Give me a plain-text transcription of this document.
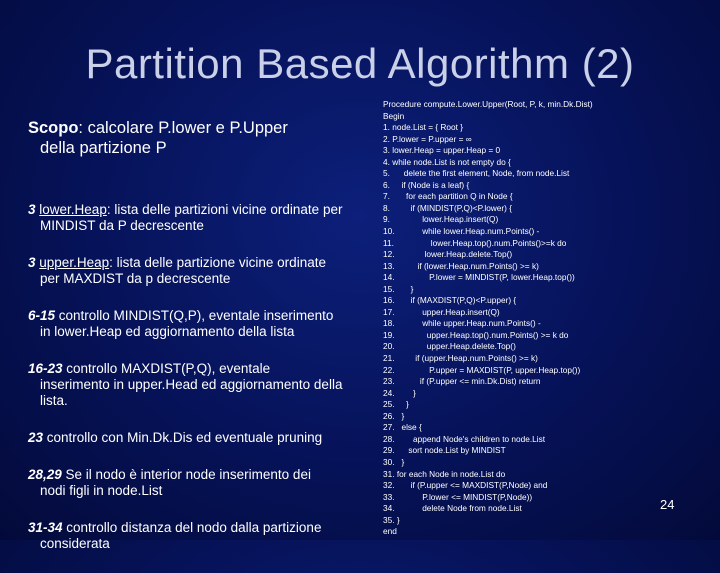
Partition Based Algorithm (2)
Scopo: calcolare P.lower e P.Upper
della partizione P
3 lower.Heap: lista delle partizioni vicine ordinate per
MINDIST da P decrescente
3 upper.Heap: lista delle partizione vicine ordinate
per MAXDIST da p decrescente
6-15 controllo MINDIST(Q,P), eventale inserimento
in lower.Heap ed aggiornamento della lista
16-23 controllo MAXDIST(P,Q), eventale
inserimento in upper.Head ed aggiornamento della
lista.
23 controllo con Min.Dk.Dis ed eventuale pruning
28,29 Se il nodo è interior node inserimento dei
nodi figli in node.List
31-34 controllo distanza del nodo dalla partizione
considerata
Procedure compute.Lower.Upper(Root, P, k, min.Dk.Dist)
Begin
1. node.List = { Root }
2. P.lower = P.upper = ∞
3. lower.Heap = upper.Heap = 0
4. while node.List is not empty do {
5.      delete the first element, Node, from node.List
6.     if (Node is a leaf) {
7.       for each partition Q in Node {
8.         if (MINDIST(P,Q)<P.lower) {
9.              lower.Heap.insert(Q)
10.            while lower.Heap.num.Points() -
11.                lower.Heap.top().num.Points()>=k do
12.             lower.Heap.delete.Top()
13.          if (lower.Heap.num.Points() >= k)
14.               P.lower = MINDIST(P, lower.Heap.top())
15.       }
16.       if (MAXDIST(P,Q)<P.upper) {
17.            upper.Heap.insert(Q)
18.            while upper.Heap.num.Points() -
19.              upper.Heap.top().num.Points() >= k do
20.              upper.Heap.delete.Top()
21.         if (upper.Heap.num.Points() >= k)
22.               P.upper = MAXDIST(P, upper.Heap.top())
23.           if (P.upper <= min.Dk.Dist) return
24.        }
25.     }
26.   }
27.   else {
28.        append Node's children to node.List
29.      sort node.List by MINDIST
30.   }
31. for each Node in node.List do
32.       if (P.upper <= MAXDIST(P,Node) and
33.            P.lower <= MINDIST(P,Node))
34.            delete Node from node.List
35. }
end
24
